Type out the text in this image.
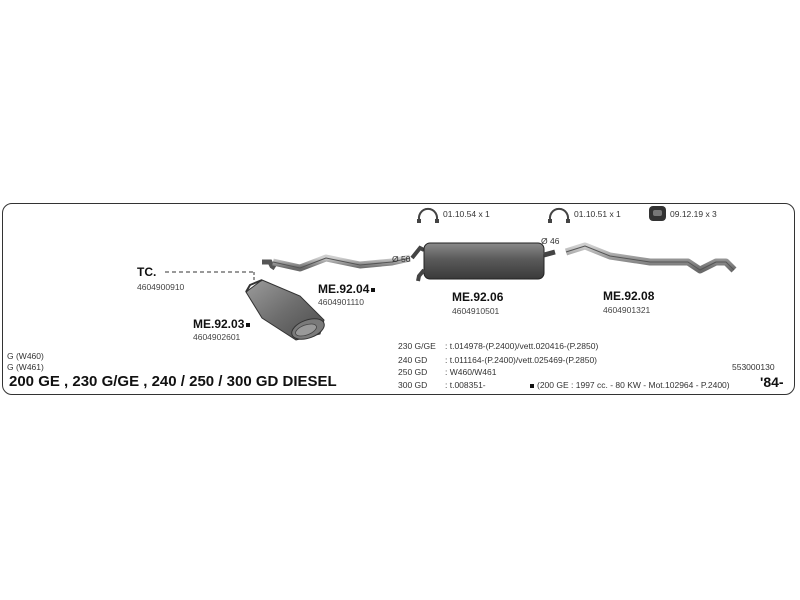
01.10.54 x 1	01.10.51 x 1	09.12.19 x 3
Ø 50
Ø 46
TC.
4604900910	ME.92.04
4604901110
ME.92.03
4604902601
ME.92.06
4604910501
ME.92.08
4604901321
G (W460)
G (W461)
200 GE , 230 G/GE , 240 / 250 / 300 GD DIESEL
230 G/GE : t.014978-(P.2400)/vett.020416-(P.2850)
240 GD : t.011164-(P.2400)/vett.025469-(P.2850)
250 GD : W460/W461
300 GD : t.008351-	(200 GE : 1997 cc. - 80 KW - Mot.102964 - P.2400)
553000130
'84-
